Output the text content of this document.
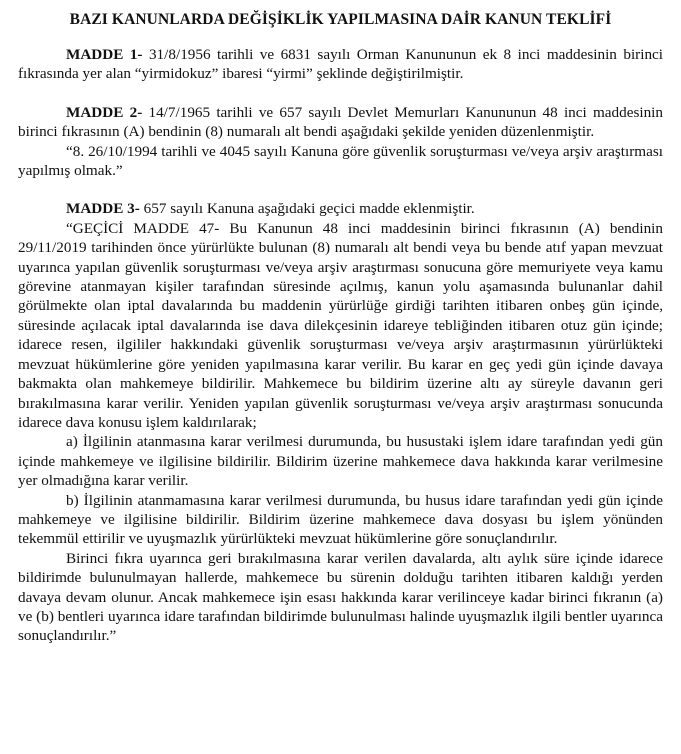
BAZI KANUNLARDA DEĞİŞİKLİK YAPILMASINA DAİR KANUN TEKLİFİ

MADDE 1- 31/8/1956 tarihli ve 6831 sayılı Orman Kanununun ek 8 inci maddesinin birinci fıkrasında yer alan “yirmidokuz” ibaresi “yirmi” şeklinde değiştirilmiştir.

MADDE 2- 14/7/1965 tarihli ve 657 sayılı Devlet Memurları Kanununun 48 inci maddesinin birinci fıkrasının (A) bendinin (8) numaralı alt bendi aşağıdaki şekilde yeniden düzenlenmiştir.

“8. 26/10/1994 tarihli ve 4045 sayılı Kanuna göre güvenlik soruşturması ve/veya arşiv araştırması yapılmış olmak.”

MADDE 3- 657 sayılı Kanuna aşağıdaki geçici madde eklenmiştir.

“GEÇİCİ MADDE 47- Bu Kanunun 48 inci maddesinin birinci fıkrasının (A) bendinin 29/11/2019 tarihinden önce yürürlükte bulunan (8) numaralı alt bendi veya bu bende atıf yapan mevzuat uyarınca yapılan güvenlik soruşturması ve/veya arşiv araştırması sonucuna göre memuriyete veya kamu görevine atanmayan kişiler tarafından süresinde açılmış, kanun yolu aşamasında bulunanlar dahil görülmekte olan iptal davalarında bu maddenin yürürlüğe girdiği tarihten itibaren onbeş gün içinde, süresinde açılacak iptal davalarında ise dava dilekçesinin idareye tebliğinden itibaren otuz gün içinde; idarece resen, ilgililer hakkındaki güvenlik soruşturması ve/veya arşiv araştırmasının yürürlükteki mevzuat hükümlerine göre yeniden yapılmasına karar verilir. Bu karar en geç yedi gün içinde davaya bakmakta olan mahkemeye bildirilir. Mahkemece bu bildirim üzerine altı ay süreyle davanın geri bırakılmasına karar verilir. Yeniden yapılan güvenlik soruşturması ve/veya arşiv araştırması sonucunda idarece dava konusu işlem kaldırılarak;

a) İlgilinin atanmasına karar verilmesi durumunda, bu husustaki işlem idare tarafından yedi gün içinde mahkemeye ve ilgilisine bildirilir. Bildirim üzerine mahkemece dava hakkında karar verilmesine yer olmadığına karar verilir.

b) İlgilinin atanmamasına karar verilmesi durumunda, bu husus idare tarafından yedi gün içinde mahkemeye ve ilgilisine bildirilir. Bildirim üzerine mahkemece dava dosyası bu işlem yönünden tekemmül ettirilir ve uyuşmazlık yürürlükteki mevzuat hükümlerine göre sonuçlandırılır.

Birinci fıkra uyarınca geri bırakılmasına karar verilen davalarda, altı aylık süre içinde idarece bildirimde bulunulmayan hallerde, mahkemece bu sürenin dolduğu tarihten itibaren kaldığı yerden davaya devam olunur. Ancak mahkemece işin esası hakkında karar verilinceye kadar birinci fıkranın (a) ve (b) bentleri uyarınca idare tarafından bildirimde bulunulması halinde uyuşmazlık ilgili bentler uyarınca sonuçlandırılır.”
